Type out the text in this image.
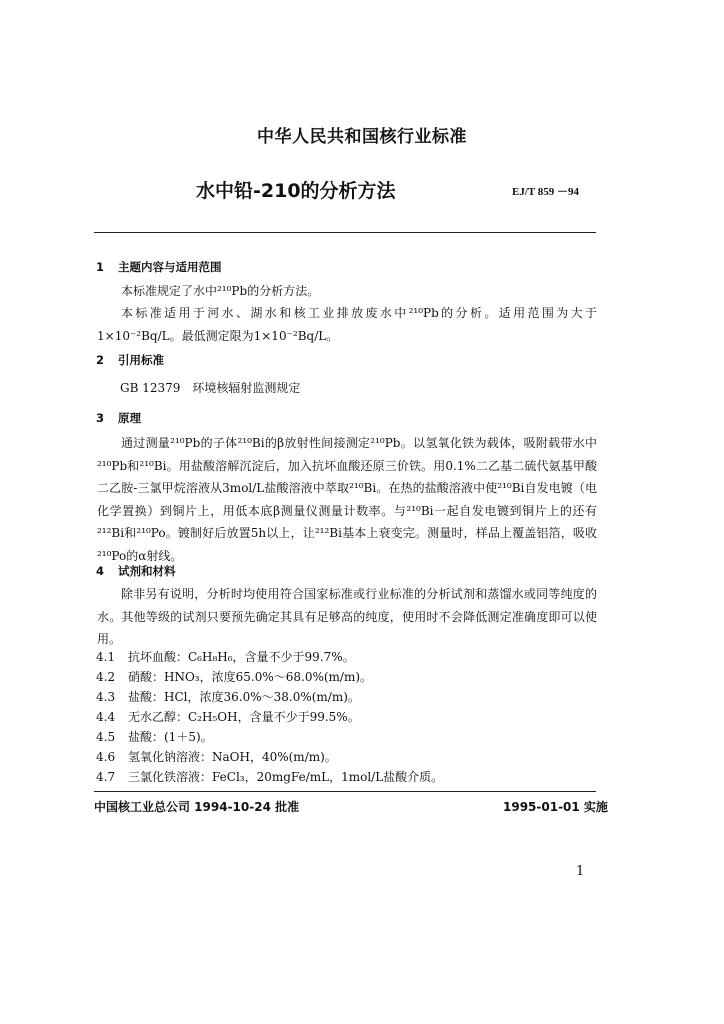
中华人民共和国核行业标准
水中铅-210的分析方法	EJ/T 859 －94
1 主题内容与适用范围
本标准规定了水中²¹⁰Pb的分析方法。
本标准适用于河水、湖水和核工业排放废水中²¹⁰Pb的分析。适用范围为大于1×10⁻²Bq/L。最低测定限为1×10⁻²Bq/L。
2 引用标准
GB 12379　环境核辐射监测规定
3 原理
通过测量²¹⁰Pb的子体²¹⁰Bi的β放射性间接测定²¹⁰Pb。以氢氧化铁为载体，吸附载带水中²¹⁰Pb和²¹⁰Bi。用盐酸溶解沉淀后，加入抗坏血酸还原三价铁。用0.1%二乙基二硫代氨基甲酸二乙胺-三氯甲烷溶液从3mol/L盐酸溶液中萃取²¹⁰Bi。在热的盐酸溶液中使²¹⁰Bi自发电镀（电化学置换）到铜片上，用低本底β测量仪测量计数率。与²¹⁰Bi一起自发电镀到铜片上的还有²¹²Bi和²¹⁰Po。镀制好后放置5h以上，让²¹²Bi基本上衰变完。测量时，样品上覆盖铝箔，吸收²¹⁰Po的α射线。
4 试剂和材料
除非另有说明，分析时均使用符合国家标准或行业标准的分析试剂和蒸馏水或同等纯度的水。其他等级的试剂只要预先确定其具有足够高的纯度，使用时不会降低测定准确度即可以使用。
4.1 抗坏血酸：C₆H₈H₆，含量不少于99.7%。
4.2 硝酸：HNO₃，浓度65.0%～68.0%(m/m)。
4.3 盐酸：HCl，浓度36.0%～38.0%(m/m)。
4.4 无水乙醇：C₂H₅OH，含量不少于99.5%。
4.5 盐酸：(1＋5)。
4.6 氢氧化钠溶液：NaOH，40%(m/m)。
4.7 三氯化铁溶液：FeCl₃，20mgFe/mL，1mol/L盐酸介质。
中国核工业总公司 1994-10-24 批准	1995-01-01 实施
1
